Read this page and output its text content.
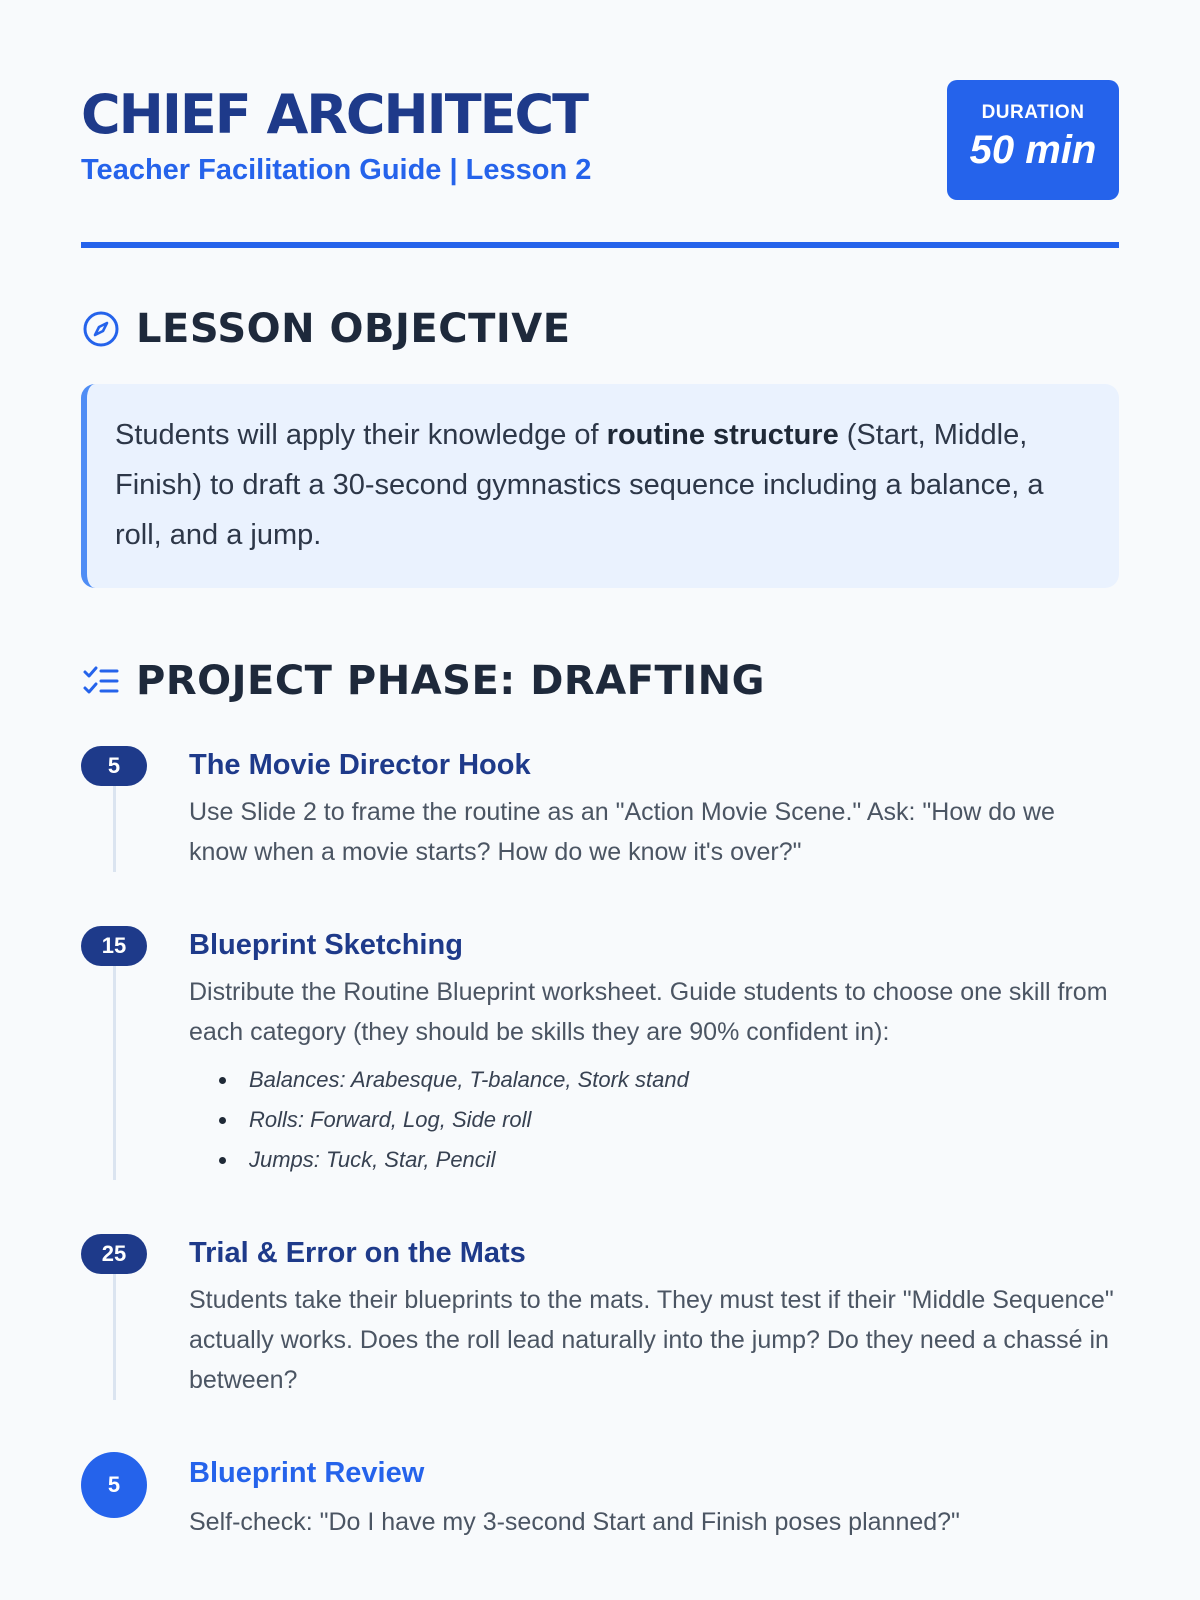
CHIEF ARCHITECT
Teacher Facilitation Guide | Lesson 2
DURATION
50 min
LESSON OBJECTIVE
Students will apply their knowledge of routine structure (Start, Middle, Finish) to draft a 30-second gymnastics sequence including a balance, a roll, and a jump.
PROJECT PHASE: DRAFTING
5	The Movie Director Hook

Use Slide 2 to frame the routine as an "Action Movie Scene." Ask: "How do we know when a movie starts? How do we know it's over?"

15	Blueprint Sketching

Distribute the Routine Blueprint worksheet. Guide students to choose one skill from each category (they should be skills they are 90% confident in):

Balances: Arabesque, T-balance, Stork stand
Rolls: Forward, Log, Side roll
Jumps: Tuck, Star, Pencil
25	Trial & Error on the Mats

Students take their blueprints to the mats. They must test if their "Middle Sequence" actually works. Does the roll lead naturally into the jump? Do they need a chassé in between?

5	Blueprint Review

Self-check: "Do I have my 3-second Start and Finish poses planned?"
